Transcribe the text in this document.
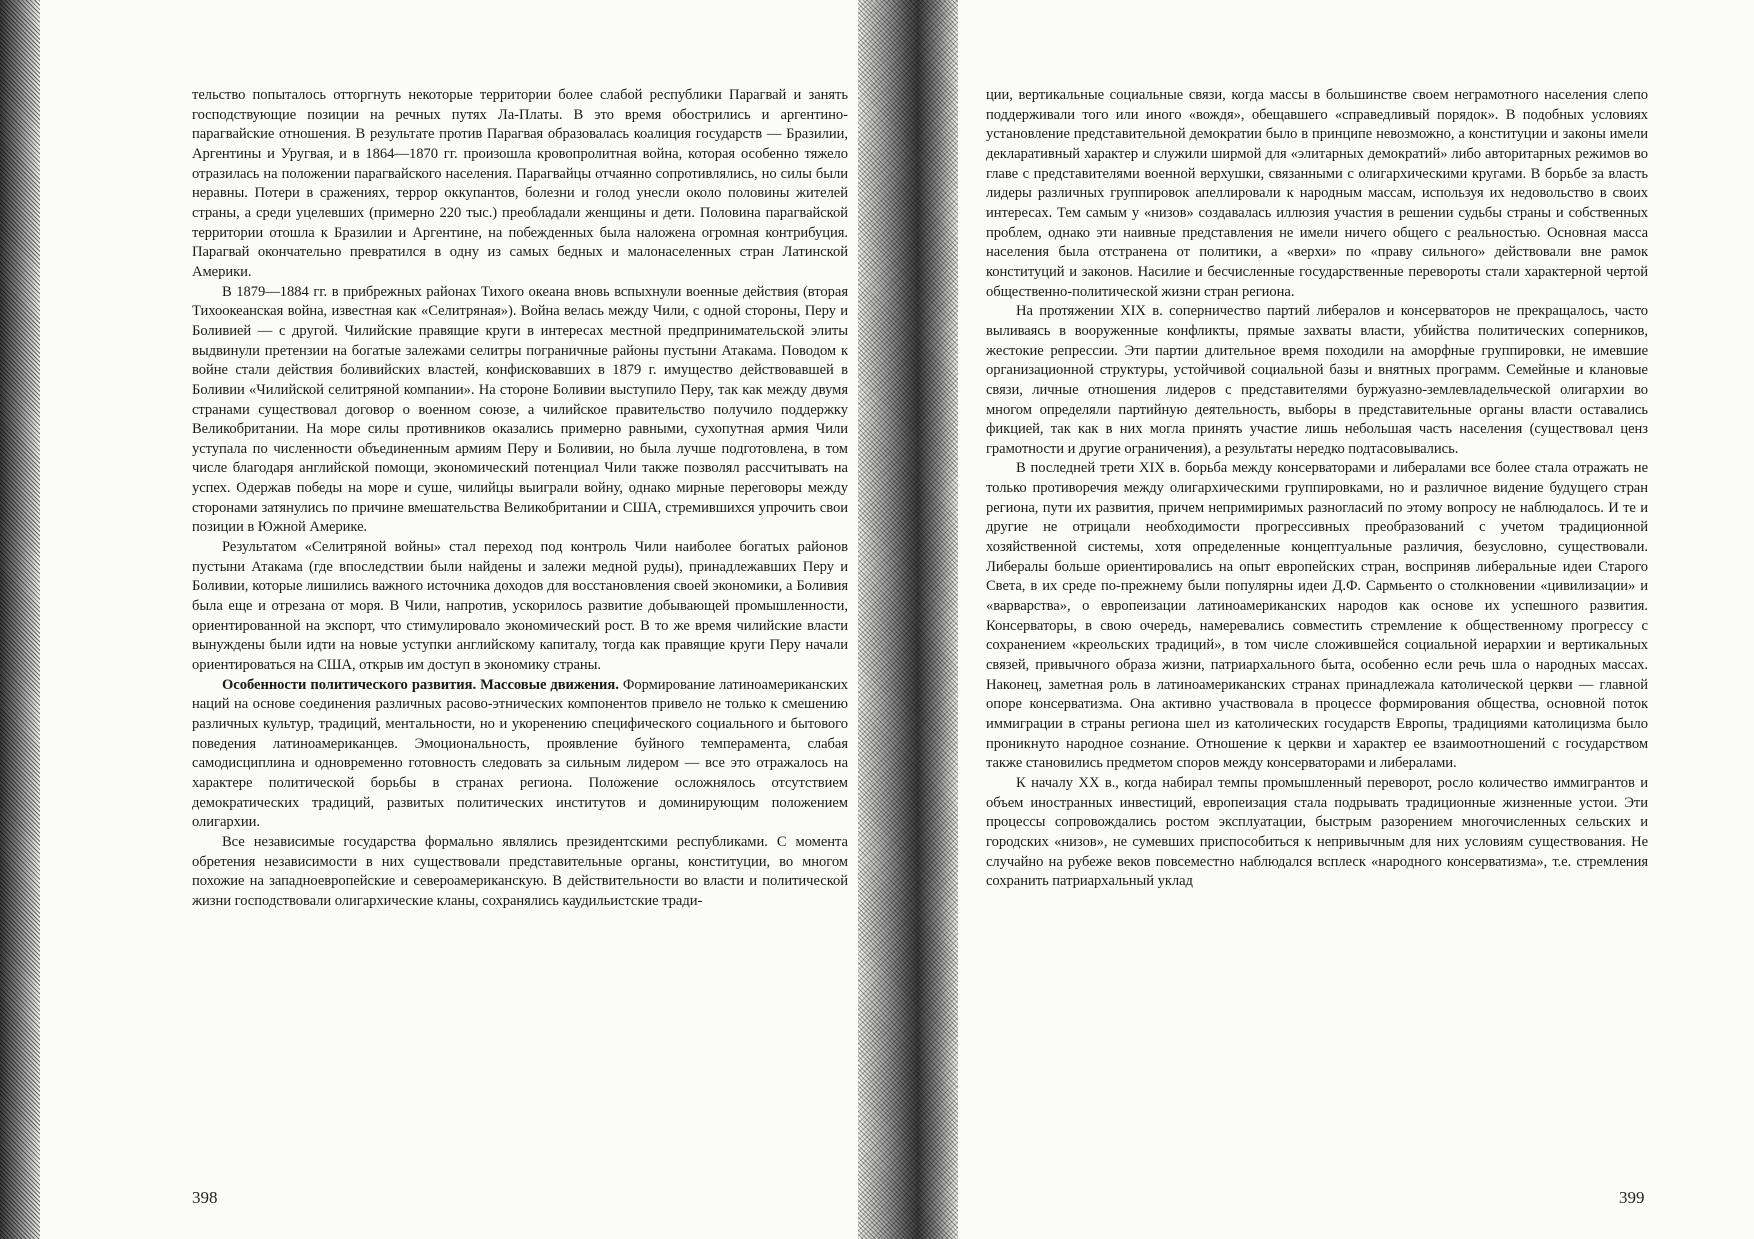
тельство попыталось отторгнуть некоторые территории более слабой республики Парагвай и занять господствующие позиции на речных путях Ла-Платы. В это время обострились и аргентино-парагвайские отношения. В результате против Парагвая образовалась коалиция государств — Бразилии, Аргентины и Уругвая, и в 1864—1870 гг. произошла кровопролитная война, которая особенно тяжело отразилась на положении парагвайского населения. Парагвайцы отчаянно сопротивлялись, но силы были неравны. Потери в сражениях, террор оккупантов, болезни и голод унесли около половины жителей страны, а среди уцелевших (примерно 220 тыс.) преобладали женщины и дети. Половина парагвайской территории отошла к Бразилии и Аргентине, на побежденных была наложена огромная контрибуция. Парагвай окончательно превратился в одну из самых бедных и малонаселенных стран Латинской Америки.

В 1879—1884 гг. в прибрежных районах Тихого океана вновь вспыхнули военные действия (вторая Тихоокеанская война, известная как «Селитряная»). Война велась между Чили, с одной стороны, Перу и Боливией — с другой. Чилийские правящие круги в интересах местной предпринимательской элиты выдвинули претензии на богатые залежами селитры пограничные районы пустыни Атакама. Поводом к войне стали действия боливийских властей, конфисковавших в 1879 г. имущество действовавшей в Боливии «Чилийской селитряной компании». На стороне Боливии выступило Перу, так как между двумя странами существовал договор о военном союзе, а чилийское правительство получило поддержку Великобритании. На море силы противников оказались примерно равными, сухопутная армия Чили уступала по численности объединенным армиям Перу и Боливии, но была лучше подготовлена, в том числе благодаря английской помощи, экономический потенциал Чили также позволял рассчитывать на успех. Одержав победы на море и суше, чилийцы выиграли войну, однако мирные переговоры между сторонами затянулись по причине вмешательства Великобритании и США, стремившихся упрочить свои позиции в Южной Америке.

Результатом «Селитряной войны» стал переход под контроль Чили наиболее богатых районов пустыни Атакама (где впоследствии были найдены и залежи медной руды), принадлежавших Перу и Боливии, которые лишились важного источника доходов для восстановления своей экономики, а Боливия была еще и отрезана от моря. В Чили, напротив, ускорилось развитие добывающей промышленности, ориентированной на экспорт, что стимулировало экономический рост. В то же время чилийские власти вынуждены были идти на новые уступки английскому капиталу, тогда как правящие круги Перу начали ориентироваться на США, открыв им доступ в экономику страны.

Особенности политического развития. Массовые движения. Формирование латиноамериканских наций на основе соединения различных расово-этнических компонентов привело не только к смешению различных культур, традиций, ментальности, но и укоренению специфического социального и бытового поведения латиноамериканцев. Эмоциональность, проявление буйного темперамента, слабая самодисциплина и одновременно готовность следовать за сильным лидером — все это отражалось на характере политической борьбы в странах региона. Положение осложнялось отсутствием демократических традиций, развитых политических институтов и доминирующим положением олигархии.

Все независимые государства формально являлись президентскими республиками. С момента обретения независимости в них существовали представительные органы, конституции, во многом похожие на западноевропейские и североамериканскую. В действительности во власти и политической жизни господствовали олигархические кланы, сохранялись каудильистские тради-

398

ции, вертикальные социальные связи, когда массы в большинстве своем неграмотного населения слепо поддерживали того или иного «вождя», обещавшего «справедливый порядок». В подобных условиях установление представительной демократии было в принципе невозможно, а конституции и законы имели декларативный характер и служили ширмой для «элитарных демократий» либо авторитарных режимов во главе с представителями военной верхушки, связанными с олигархическими кругами. В борьбе за власть лидеры различных группировок апеллировали к народным массам, используя их недовольство в своих интересах. Тем самым у «низов» создавалась иллюзия участия в решении судьбы страны и собственных проблем, однако эти наивные представления не имели ничего общего с реальностью. Основная масса населения была отстранена от политики, а «верхи» по «праву сильного» действовали вне рамок конституций и законов. Насилие и бесчисленные государственные перевороты стали характерной чертой общественно-политической жизни стран региона.

На протяжении XIX в. соперничество партий либералов и консерваторов не прекращалось, часто выливаясь в вооруженные конфликты, прямые захваты власти, убийства политических соперников, жестокие репрессии. Эти партии длительное время походили на аморфные группировки, не имевшие организационной структуры, устойчивой социальной базы и внятных программ. Семейные и клановые связи, личные отношения лидеров с представителями буржуазно-землевладельческой олигархии во многом определяли партийную деятельность, выборы в представительные органы власти оставались фикцией, так как в них могла принять участие лишь небольшая часть населения (существовал ценз грамотности и другие ограничения), а результаты нередко подтасовывались.

В последней трети XIX в. борьба между консерваторами и либералами все более стала отражать не только противоречия между олигархическими группировками, но и различное видение будущего стран региона, пути их развития, причем непримиримых разногласий по этому вопросу не наблюдалось. И те и другие не отрицали необходимости прогрессивных преобразований с учетом традиционной хозяйственной системы, хотя определенные концептуальные различия, безусловно, существовали. Либералы больше ориентировались на опыт европейских стран, восприняв либеральные идеи Старого Света, в их среде по-прежнему были популярны идеи Д.Ф. Сармьенто о столкновении «цивилизации» и «варварства», о европеизации латиноамериканских народов как основе их успешного развития. Консерваторы, в свою очередь, намеревались совместить стремление к общественному прогрессу с сохранением «креольских традиций», в том числе сложившейся социальной иерархии и вертикальных связей, привычного образа жизни, патриархального быта, особенно если речь шла о народных массах. Наконец, заметная роль в латиноамериканских странах принадлежала католической церкви — главной опоре консерватизма. Она активно участвовала в процессе формирования общества, основной поток иммиграции в страны региона шел из католических государств Европы, традициями католицизма было проникнуто народное сознание. Отношение к церкви и характер ее взаимоотношений с государством также становились предметом споров между консерваторами и либералами.

К началу XX в., когда набирал темпы промышленный переворот, росло количество иммигрантов и объем иностранных инвестиций, европеизация стала подрывать традиционные жизненные устои. Эти процессы сопровождались ростом эксплуатации, быстрым разорением многочисленных сельских и городских «низов», не сумевших приспособиться к непривычным для них условиям существования. Не случайно на рубеже веков повсеместно наблюдался всплеск «народного консерватизма», т.е. стремления сохранить патриархальный уклад

399
